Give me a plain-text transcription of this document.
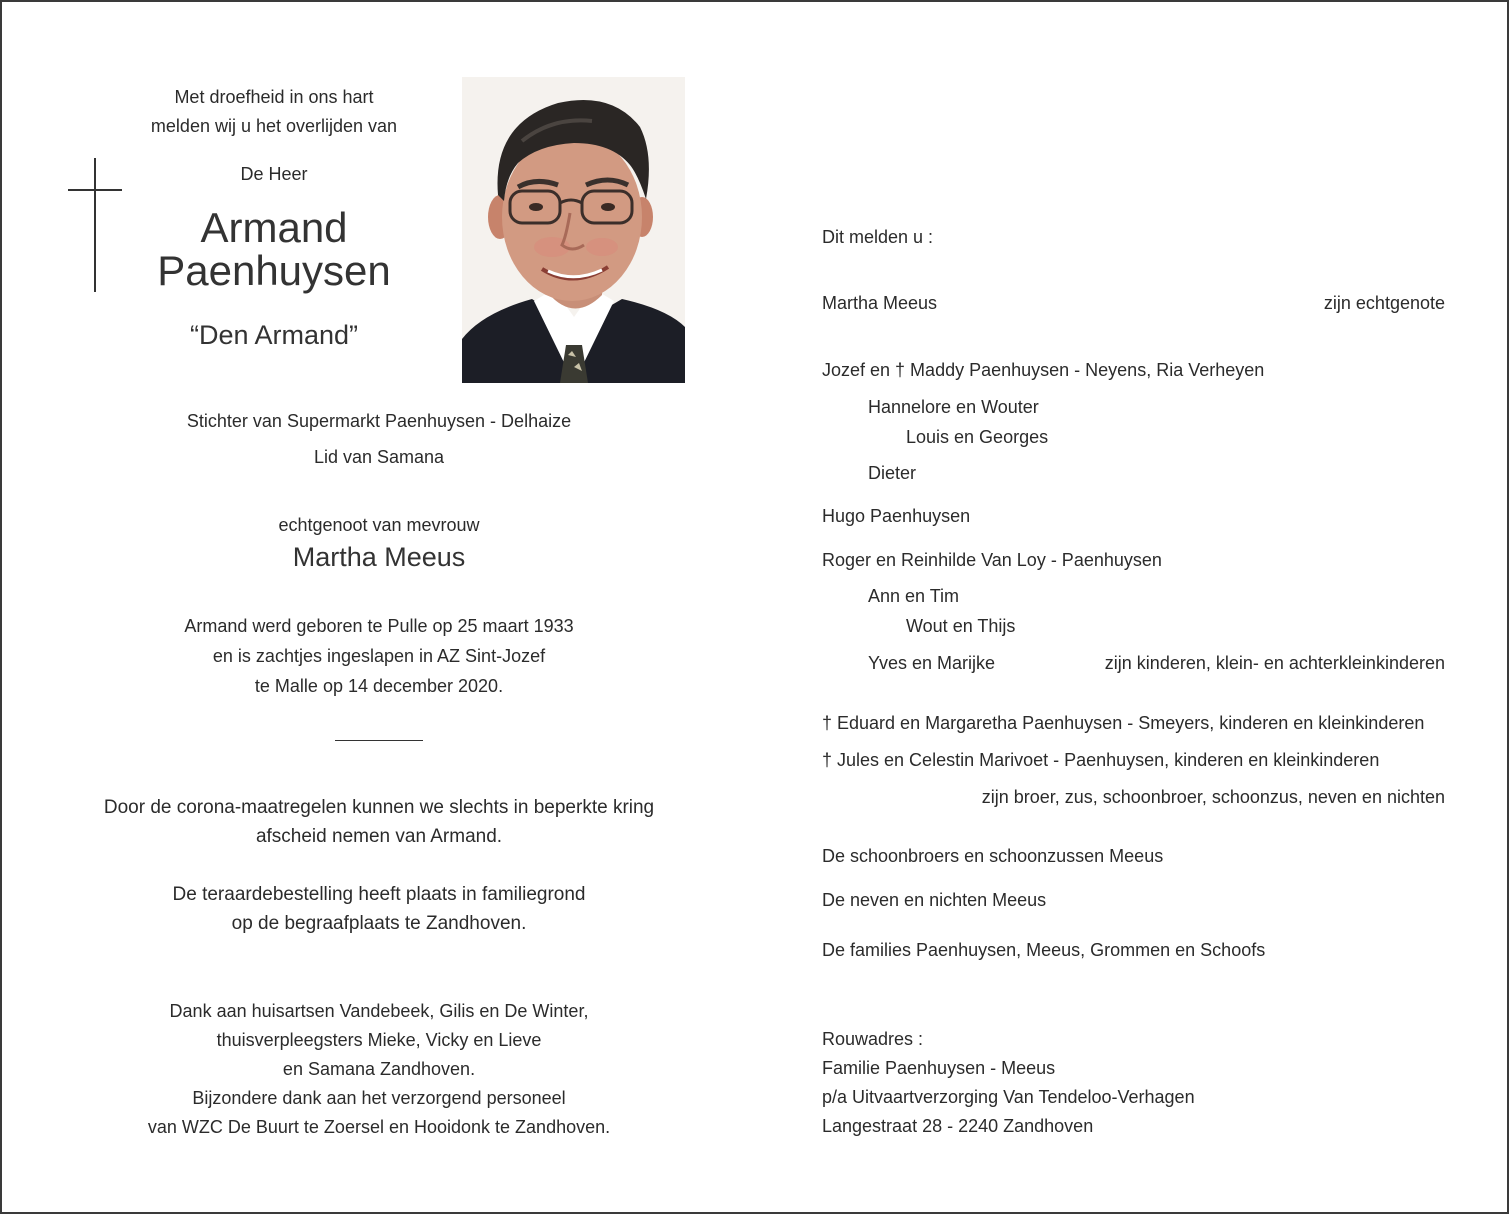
Met droefheid in ons hart
melden wij u het overlijden van
De Heer
Armand
Paenhuysen
“Den Armand”
Stichter van Supermarkt Paenhuysen - Delhaize
Lid van Samana
echtgenoot van mevrouw
Martha Meeus
Armand werd geboren te Pulle op 25 maart 1933
en is zachtjes ingeslapen in AZ Sint-Jozef
te Malle op 14 december 2020.
Door de corona-maatregelen kunnen we slechts in beperkte kring
afscheid nemen van Armand.
De teraardebestelling heeft plaats in familiegrond
op de begraafplaats te Zandhoven.
Dank aan huisartsen Vandebeek, Gilis en De Winter,
thuisverpleegsters Mieke, Vicky en Lieve
en Samana Zandhoven.
Bijzondere dank aan het verzorgend personeel
van WZC De Buurt te Zoersel en Hooidonk te Zandhoven.
Dit melden u :
Martha Meeus	zijn echtgenote
Jozef en † Maddy Paenhuysen - Neyens, Ria Verheyen
Hannelore en Wouter
Louis en Georges
Dieter
Hugo Paenhuysen
Roger en Reinhilde Van Loy - Paenhuysen
Ann en Tim
Wout en Thijs
Yves en Marijke	zijn kinderen, klein- en achterkleinkinderen
† Eduard en Margaretha Paenhuysen - Smeyers, kinderen en kleinkinderen
† Jules en Celestin Marivoet - Paenhuysen, kinderen en kleinkinderen
zijn broer, zus, schoonbroer, schoonzus, neven en nichten
De schoonbroers en schoonzussen Meeus
De neven en nichten Meeus
De families Paenhuysen, Meeus, Grommen en Schoofs
Rouwadres :
Familie Paenhuysen - Meeus
p/a Uitvaartverzorging Van Tendeloo-Verhagen
Langestraat 28 - 2240 Zandhoven
